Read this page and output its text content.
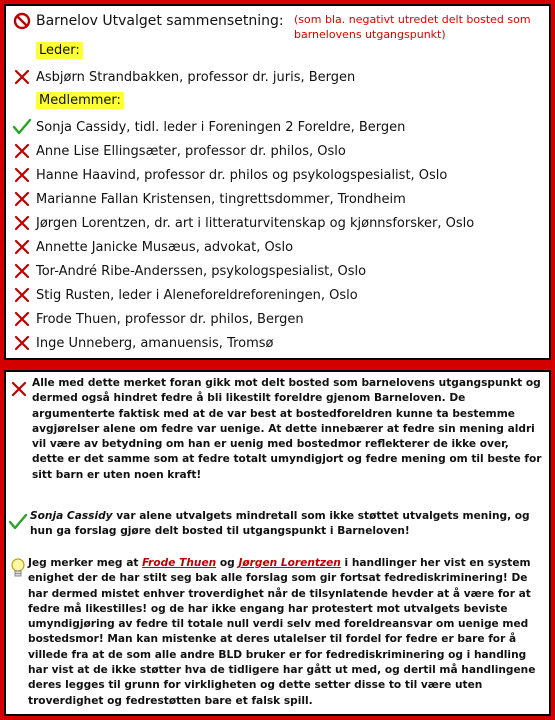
Barnelov Utvalget sammensetning: (som bla. negativt utredet delt bosted som barnelovens utgangspunkt)
Leder:
Asbjørn Strandbakken, professor dr. juris, Bergen
Medlemmer:
Sonja Cassidy, tidl. leder i Foreningen 2 Foreldre, Bergen
Anne Lise Ellingsæter, professor dr. philos, Oslo
Hanne Haavind, professor dr. philos og psykologspesialist, Oslo
Marianne Fallan Kristensen, tingrettsdommer, Trondheim
Jørgen Lorentzen, dr. art i litteraturvitenskap og kjønnsforsker, Oslo
Annette Janicke Musæus, advokat, Oslo
Tor-André Ribe-Anderssen, psykologspesialist, Oslo
Stig Rusten, leder i Aleneforeldreforeningen, Oslo
Frode Thuen, professor dr. philos, Bergen
Inge Unneberg, amanuensis, Tromsø
Alle med dette merket foran gikk mot delt bosted som barnelovens utgangspunkt og dermed også hindret fedre å bli likestilt foreldre gjenom Barneloven. De argumenterte faktisk med at de var best at bostedforeldren kunne ta bestemme avgjørelser alene om fedre var uenige. At dette innebærer at fedre sin mening aldri vil være av betydning om han er uenig med bostedmor reflekterer de ikke over, dette er det samme som at fedre totalt umyndigjort og fedre mening om til beste for sitt barn er uten noen kraft!
Sonja Cassidy var alene utvalgets mindretall som ikke støttet utvalgets mening, og hun ga forslag gjøre delt bosted til utgangspunkt i Barneloven!
Jeg merker meg at Frode Thuen og Jørgen Lorentzen i handlinger her vist en system enighet der de har stilt seg bak alle forslag som gir fortsat fedrediskriminering! De har dermed mistet enhver troverdighet når de tilsynlatende hevder at å være for at fedre må likestilles! og de har ikke engang har protestert mot utvalgets beviste umyndigjøring av fedre til totale null verdi selv med foreldreansvar om uenige med bostedsmor! Man kan mistenke at deres utalelser til fordel for fedre er bare for å villede fra at de som alle andre BLD bruker er for fedrediskriminering og i handling har vist at de ikke støtter hva de tidligere har gått ut med, og dertil må handlingene deres legges til grunn for virkligheten og dette setter disse to til være uten troverdighet og fedrestøtten bare et falsk spill.
